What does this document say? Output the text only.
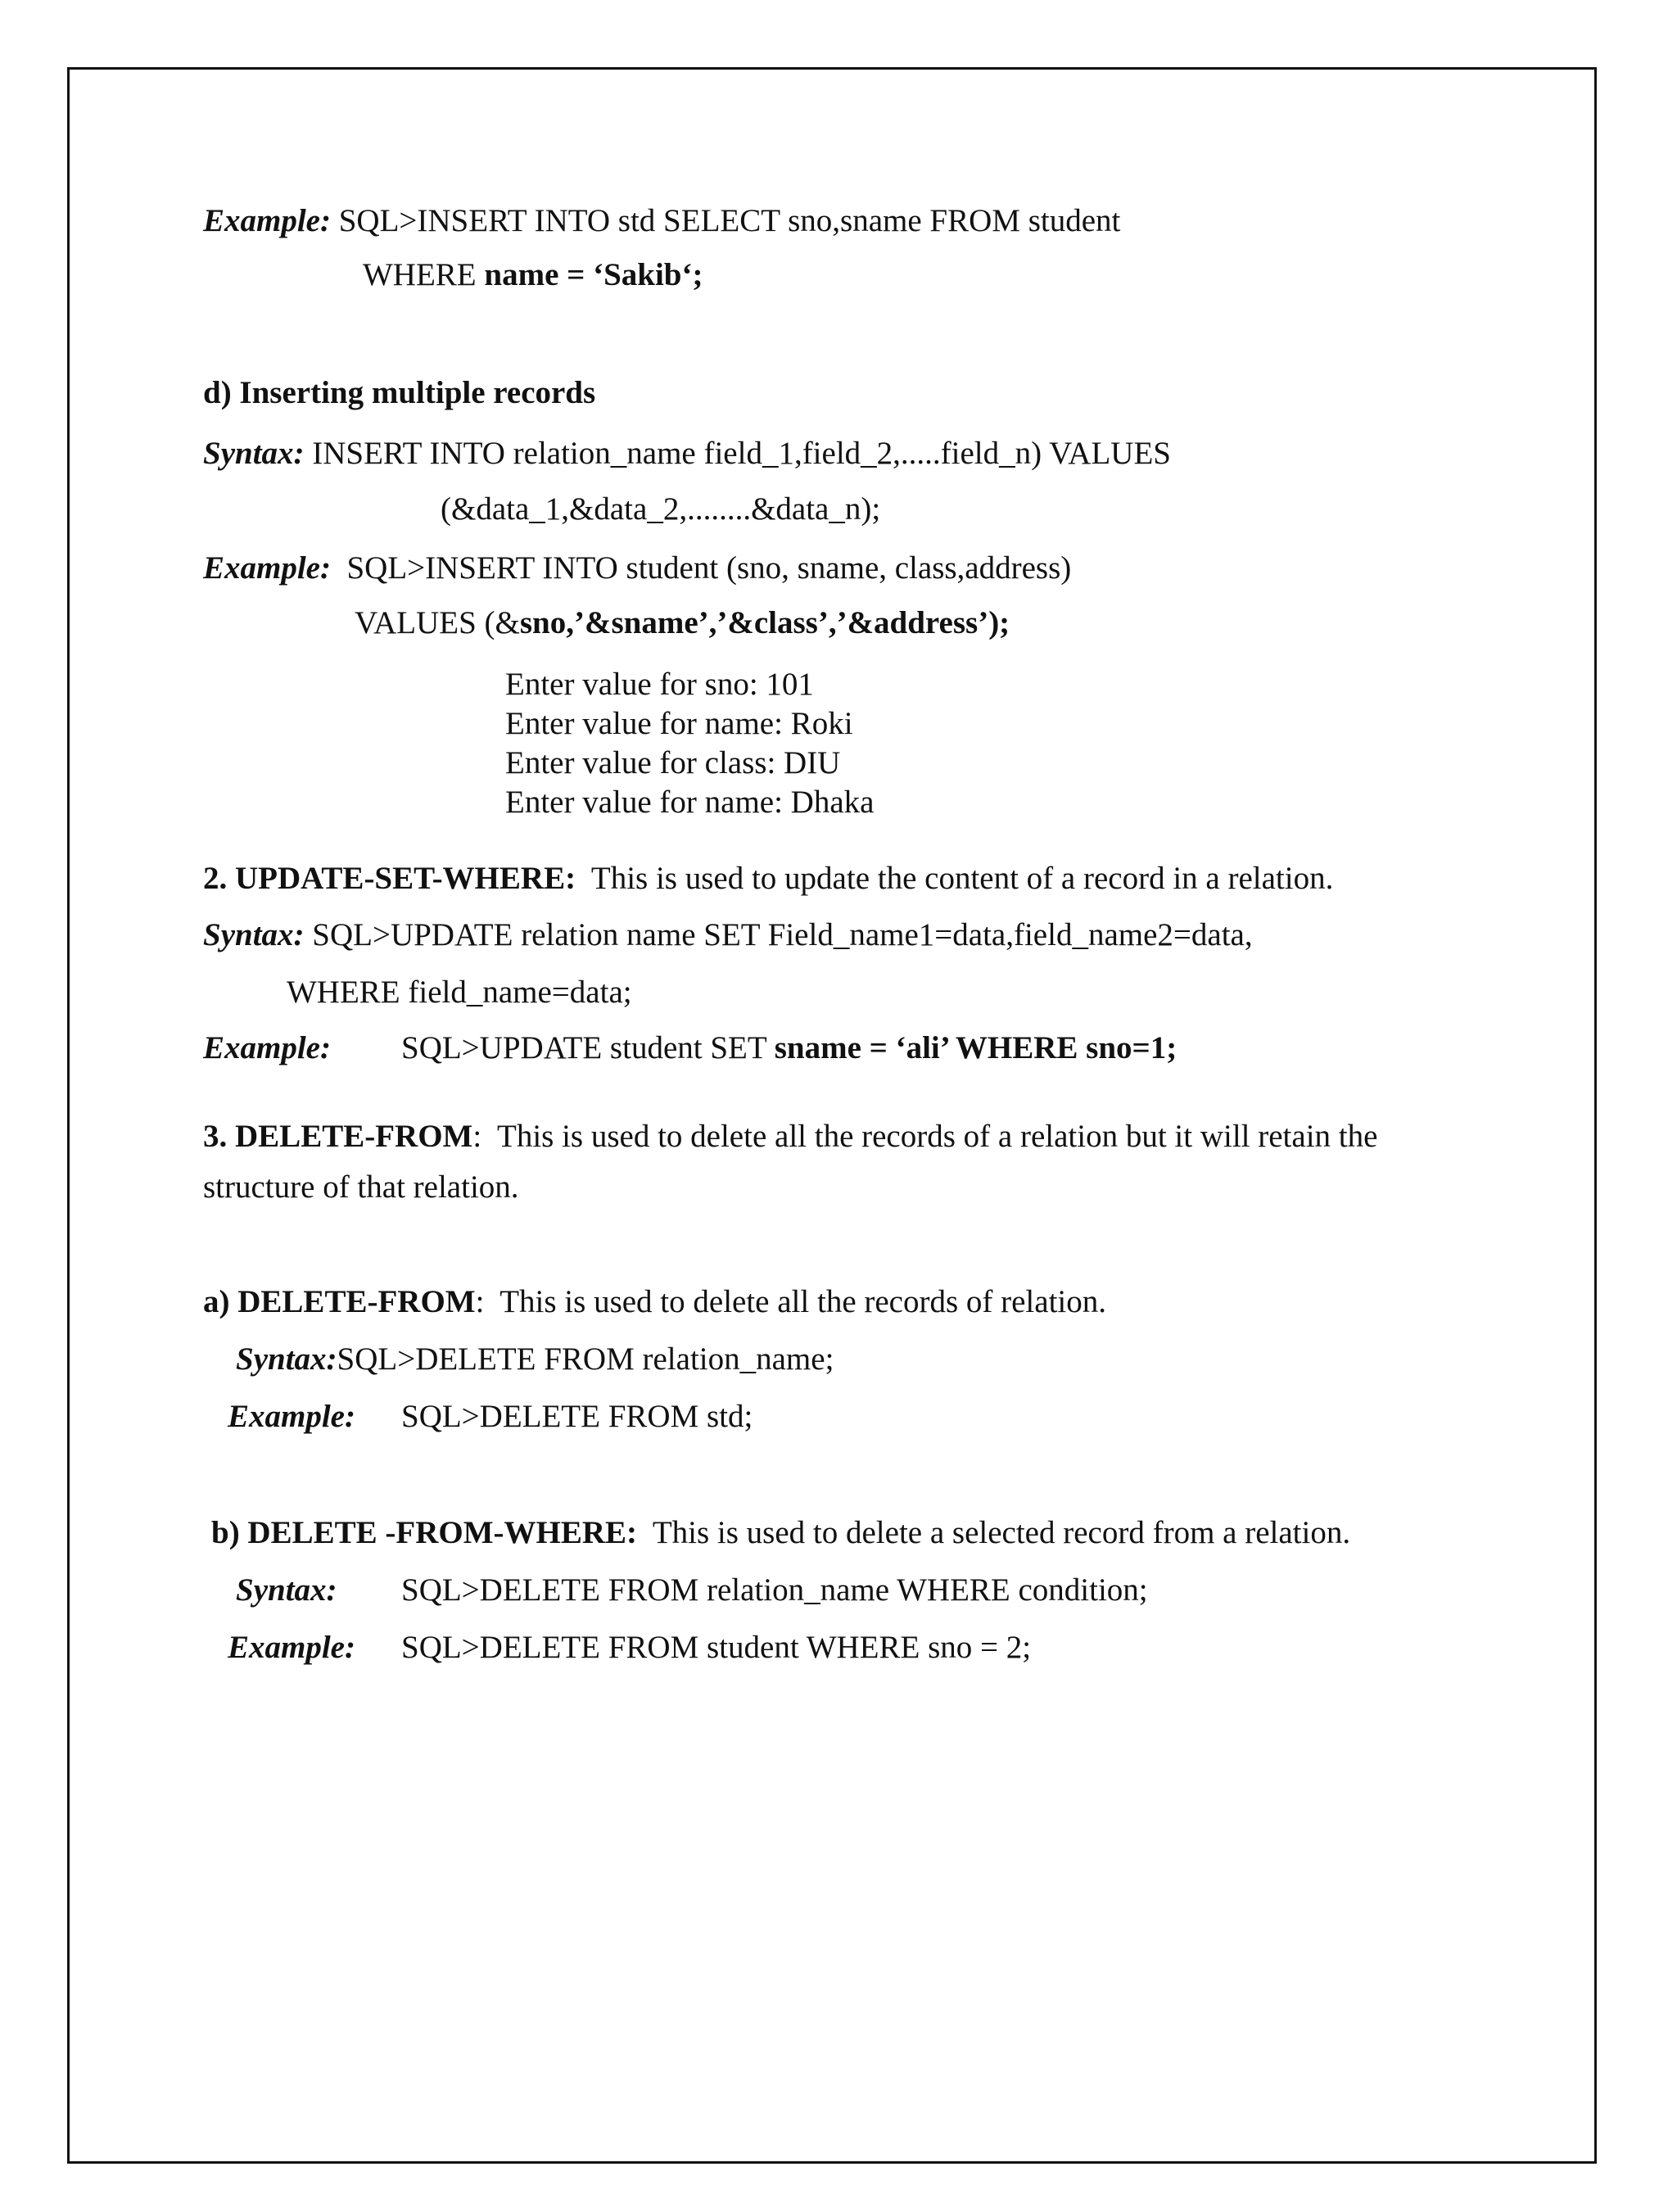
Example: SQL>INSERT INTO std SELECT sno,sname FROM student
WHERE name = ‘Sakib‘;
d) Inserting multiple records
Syntax: INSERT INTO relation_name field_1,field_2,.....field_n) VALUES
(&data_1,&data_2,........&data_n);
Example:  SQL>INSERT INTO student (sno, sname, class,address)
VALUES (&sno,’&sname’,’&class’,’&address’);
Enter value for sno: 101
Enter value for name: Roki
Enter value for class: DIU
Enter value for name: Dhaka
2. UPDATE-SET-WHERE:  This is used to update the content of a record in a relation.
Syntax: SQL>UPDATE relation name SET Field_name1=data,field_name2=data,
WHERE field_name=data;
Example: SQL>UPDATE student SET sname = ‘ali’ WHERE sno=1;
3. DELETE-FROM:  This is used to delete all the records of a relation but it will retain the
structure of that relation.
a) DELETE-FROM:  This is used to delete all the records of relation.
Syntax:SQL>DELETE FROM relation_name;
Example: SQL>DELETE FROM std;
b) DELETE -FROM-WHERE:  This is used to delete a selected record from a relation.
Syntax: SQL>DELETE FROM relation_name WHERE condition;
Example: SQL>DELETE FROM student WHERE sno = 2;
